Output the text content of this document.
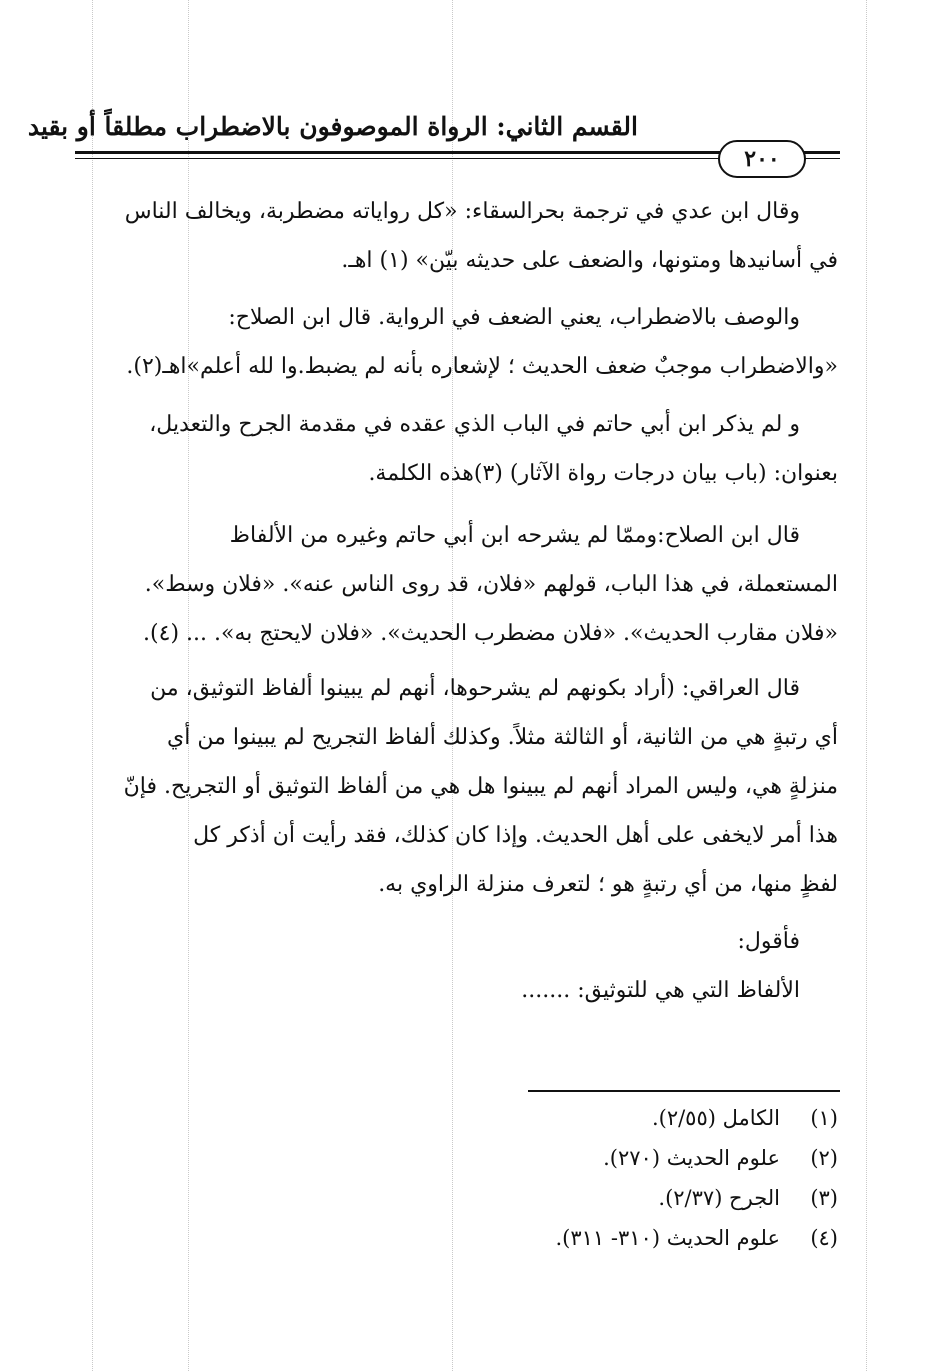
القسم الثاني: الرواة الموصوفون بالاضطراب مطلقاً أو بقيد
٢٠٠
وقال ابن عدي في ترجمة بحرالسقاء: «كل رواياته مضطربة، ويخالف الناس
في أسانيدها ومتونها، والضعف على حديثه بيّن» (١) اهـ.
والوصف بالاضطراب، يعني الضعف في الرواية. قال ابن الصلاح:
«والاضطراب موجبٌ ضعف الحديث ؛ لإشعاره بأنه لم يضبط.وا لله أعلم»اهـ(٢).
و لم يذكر ابن أبي حاتم في الباب الذي عقده في مقدمة الجرح والتعديل،
بعنوان: (باب بيان درجات رواة الآثار) (٣)هذه الكلمة.
قال ابن الصلاح:وممّا لم يشرحه ابن أبي حاتم وغيره من الألفاظ
المستعملة، في هذا الباب، قولهم «فلان، قد روى الناس عنه». «فلان وسط».
«فلان مقارب الحديث». «فلان مضطرب الحديث». «فلان لايحتج به». ... (٤).
قال العراقي: (أراد بكونهم لم يشرحوها، أنهم لم يبينوا ألفاظ التوثيق، من
أي رتبةٍ هي من الثانية، أو الثالثة مثلاً. وكذلك ألفاظ التجريح لم يبينوا من أي
منزلةٍ هي، وليس المراد أنهم لم يبينوا هل هي من ألفاظ التوثيق أو التجريح. فإنّ
هذا أمر لايخفى على أهل الحديث. وإذا كان كذلك، فقد رأيت أن أذكر كل
لفظٍ منها، من أي رتبةٍ هو ؛ لتعرف منزلة الراوي به.
فأقول:
الألفاظ التي هي للتوثيق: .......
(١)الكامل (٢/٥٥).
(٢)علوم الحديث (٢٧٠).
(٣)الجرح (٢/٣٧).
(٤)علوم الحديث (٣١٠- ٣١١).
